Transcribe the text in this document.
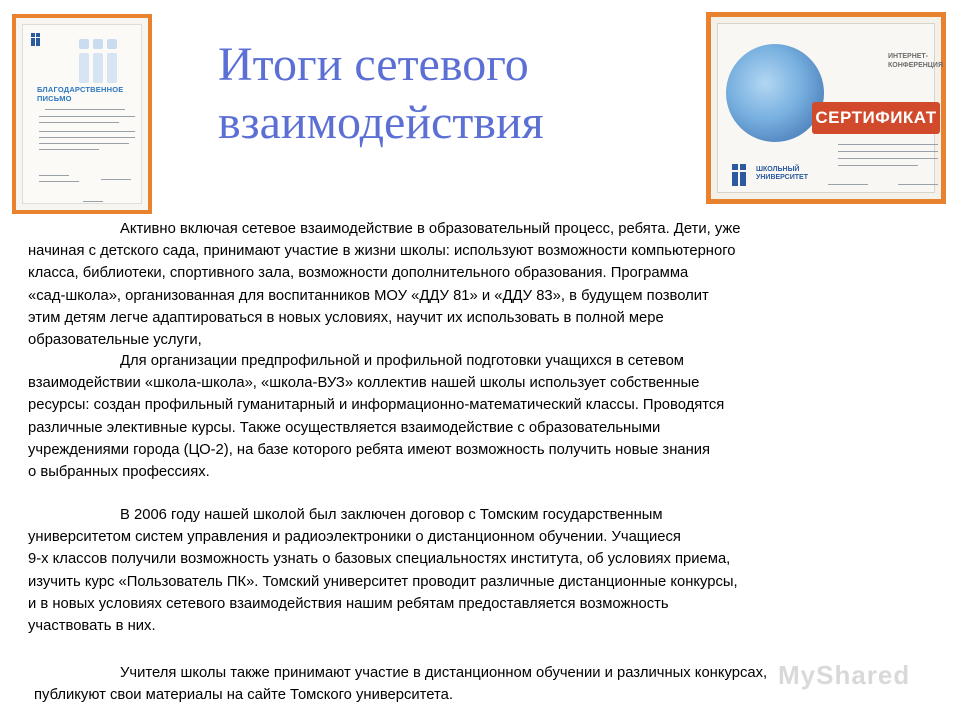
БЛАГОДАРСТВЕННОЕ
ПИСЬМО
Итоги сетевого
взаимодействия
ИНТЕРНЕТ-
КОНФЕРЕНЦИЯ
СЕРТИФИКАТ
ШКОЛЬНЫЙ
УНИВЕРСИТЕТ

Активно включая сетевое взаимодействие в образовательный процесс, ребята. Дети, уже

начиная с детского сада, принимают участие в жизни школы: используют возможности компьютерного

класса, библиотеки, спортивного зала, возможности дополнительного образования. Программа

«сад-школа», организованная для воспитанников МОУ «ДДУ 81» и «ДДУ 83», в будущем позволит

этим детям легче адаптироваться в новых условиях, научит их использовать в полной мере

образовательные услуги,

Для организации предпрофильной и профильной подготовки учащихся в сетевом

взаимодействии «школа-школа», «школа-ВУЗ» коллектив нашей школы использует собственные

ресурсы: создан профильный гуманитарный и информационно-математический классы. Проводятся

различные элективные курсы. Также осуществляется взаимодействие с образовательными

учреждениями города (ЦО-2), на базе которого ребята имеют возможность получить новые знания

о выбранных профессиях.

В 2006 году нашей школой был заключен договор с Томским государственным

университетом систем управления и радиоэлектроники о дистанционном обучении. Учащиеся

9-х классов получили возможность узнать о базовых специальностях института, об условиях приема,

изучить курс «Пользователь ПК». Томский университет проводит различные дистанционные конкурсы,

и в новых условиях сетевого взаимодействия нашим ребятам предоставляется возможность

участвовать в них.

Учителя школы также принимают участие в дистанционном обучении и различных конкурсах,

публикуют свои материалы на сайте Томского университета.

MyShared
